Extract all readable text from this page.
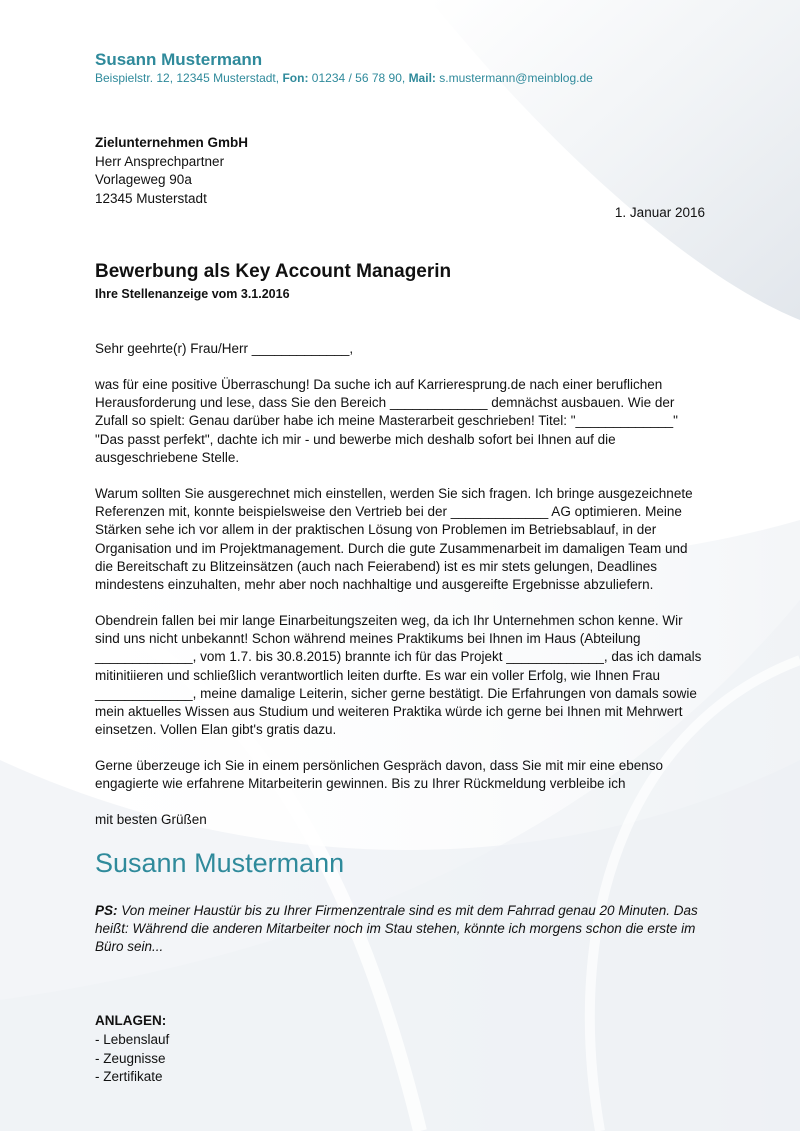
Susann Mustermann
Beispielstr. 12, 12345 Musterstadt, Fon: 01234 / 56 78 90, Mail: s.mustermann@meinblog.de
Zielunternehmen GmbH
Herr Ansprechpartner
Vorlageweg 90a
12345 Musterstadt
1. Januar 2016
Bewerbung als Key Account Managerin
Ihre Stellenanzeige vom 3.1.2016
Sehr geehrte(r) Frau/Herr _____________,
was für eine positive Überraschung! Da suche ich auf Karrieresprung.de nach einer beruflichen Herausforderung und lese, dass Sie den Bereich _____________ demnächst ausbauen. Wie der Zufall so spielt: Genau darüber habe ich meine Masterarbeit geschrieben! Titel: "_____________" "Das passt perfekt", dachte ich mir - und bewerbe mich deshalb sofort bei Ihnen auf die ausgeschriebene Stelle.
Warum sollten Sie ausgerechnet mich einstellen, werden Sie sich fragen. Ich bringe ausgezeichnete Referenzen mit, konnte beispielsweise den Vertrieb bei der _____________ AG optimieren. Meine Stärken sehe ich vor allem in der praktischen Lösung von Problemen im Betriebsablauf, in der Organisation und im Projektmanagement. Durch die gute Zusammenarbeit im damaligen Team und die Bereitschaft zu Blitzeinsätzen (auch nach Feierabend) ist es mir stets gelungen, Deadlines mindestens einzuhalten, mehr aber noch nachhaltige und ausgereifte Ergebnisse abzuliefern.
Obendrein fallen bei mir lange Einarbeitungszeiten weg, da ich Ihr Unternehmen schon kenne. Wir sind uns nicht unbekannt! Schon während meines Praktikums bei Ihnen im Haus (Abteilung _____________, vom 1.7. bis 30.8.2015) brannte ich für das Projekt _____________, das ich damals mitinitiieren und schließlich verantwortlich leiten durfte. Es war ein voller Erfolg, wie Ihnen Frau _____________, meine damalige Leiterin, sicher gerne bestätigt. Die Erfahrungen von damals sowie mein aktuelles Wissen aus Studium und weiteren Praktika würde ich gerne bei Ihnen mit Mehrwert einsetzen. Vollen Elan gibt's gratis dazu.
Gerne überzeuge ich Sie in einem persönlichen Gespräch davon, dass Sie mit mir eine ebenso engagierte wie erfahrene Mitarbeiterin gewinnen. Bis zu Ihrer Rückmeldung verbleibe ich
mit besten Grüßen
Susann Mustermann
PS: Von meiner Haustür bis zu Ihrer Firmenzentrale sind es mit dem Fahrrad genau 20 Minuten. Das heißt: Während die anderen Mitarbeiter noch im Stau stehen, könnte ich morgens schon die erste im Büro sein...
ANLAGEN:
- Lebenslauf
- Zeugnisse
- Zertifikate
